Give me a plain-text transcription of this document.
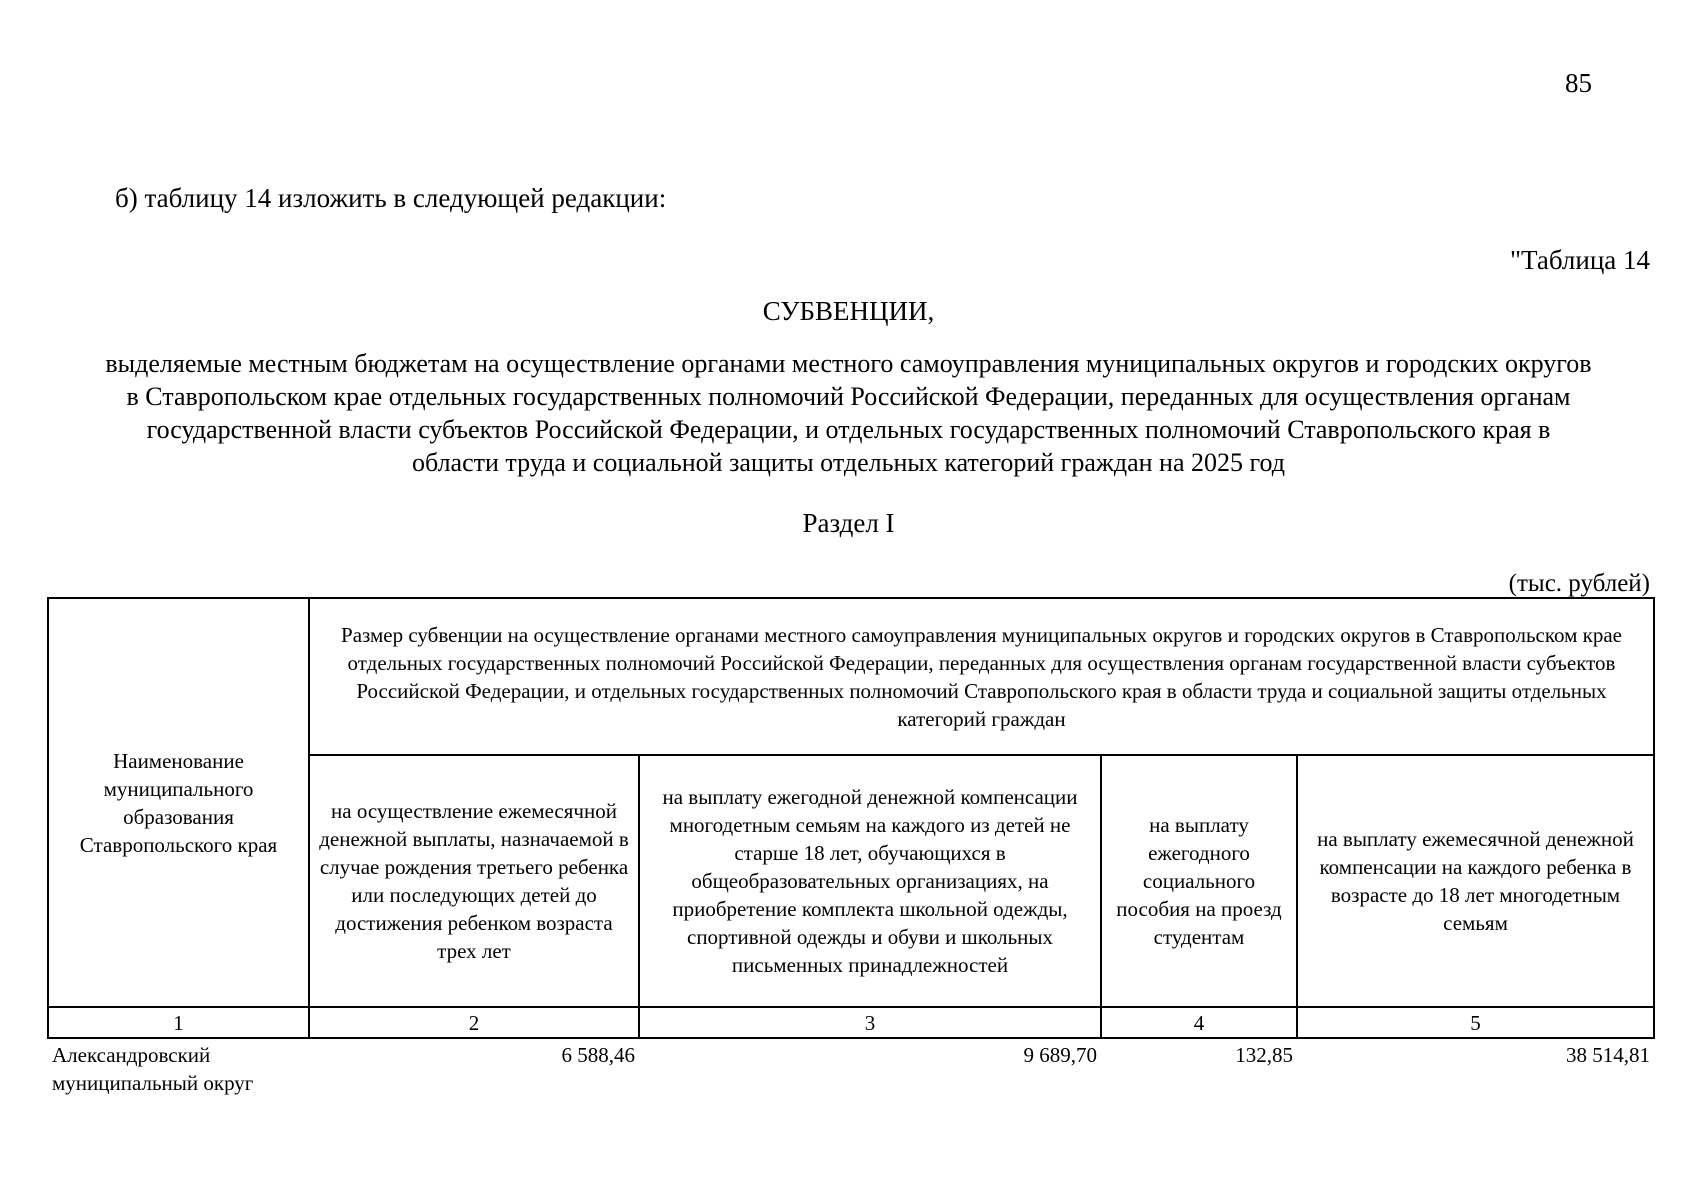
85
б) таблицу 14 изложить в следующей редакции:
"Таблица 14
СУБВЕНЦИИ,
выделяемые местным бюджетам на осуществление органами местного самоуправления муниципальных округов и городских округов
в Ставропольском крае отдельных государственных полномочий Российской Федерации, переданных для осуществления органам
государственной власти субъектов Российской Федерации, и отдельных государственных полномочий Ставропольского края в
области труда и социальной защиты отдельных категорий граждан на 2025 год
Раздел I
(тыс. рублей)
Наименование муниципального образования Ставропольского края	Размер субвенции на осуществление органами местного самоуправления муниципальных округов и городских округов в Ставропольском крае отдельных государственных полномочий Российской Федерации, переданных для осуществления органам государственной власти субъектов Российской Федерации, и отдельных государственных полномочий Ставропольского края в области труда и социальной защиты отдельных категорий граждан			
	на осуществление ежемесячной денежной выплаты, назначаемой в случае рождения третьего ребенка или последующих детей до достижения ребенком возраста трех лет	на выплату ежегодной денежной компенсации многодетным семьям на каждого из детей не старше 18 лет, обучающихся в общеобразовательных организациях, на приобретение комплекта школьной одежды, спортивной одежды и обуви и школьных письменных принадлежностей	на выплату ежегодного социального пособия на проезд студентам	на выплату ежемесячной денежной компенсации на каждого ребенка в возрасте до 18 лет многодетным семьям
1	2	3	4	5
Александровский муниципальный округ	6 588,46	9 689,70	132,85	38 514,81
